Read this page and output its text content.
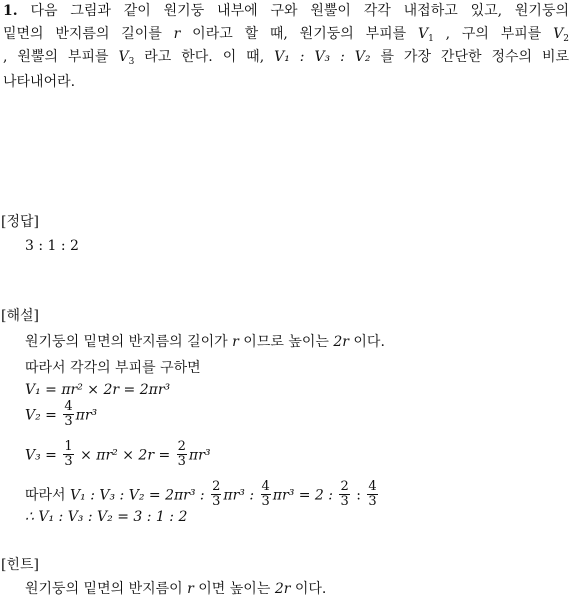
1. 다음 그림과 같이 원기둥 내부에 구와 원뿔이 각각 내접하고 있고, 원기둥의
밑면의 반지름의 길이를 r 이라고 할 때, 원기둥의 부피를 $V_1$ , 구의 부피를 $V_2$
, 원뿔의 부피를 $V_3$ 라고 한다. 이 때, V₁ : V₃ : V₂ 를 가장 간단한 정수의 비로
나타내어라.
[정답]
3 : 1 : 2
[해설]
원기둥의 밑면의 반지름의 길이가 r 이므로 높이는 2r 이다.
따라서 각각의 부피를 구하면
V₁ = πr² × 2r = 2πr³
$V_2 = \frac{4}{3} \pi r^3$
$V_3 = \frac{1}{3} \times \pi r^2 \times 2r = \frac{2}{3} \pi r^3$
따라서 V₁ : V₃ : V₂ = 2πr³ : $\frac{2}{3} \pi r^3$ : $\frac{4}{3} \pi r^3 = 2$ : $\frac{2}{3}$ : $\frac{4}{3}$
∴ V₁ : V₃ : V₂ = 3 : 1 : 2
[힌트]
원기둥의 밑면의 반지름이 r 이면 높이는 2r 이다.
